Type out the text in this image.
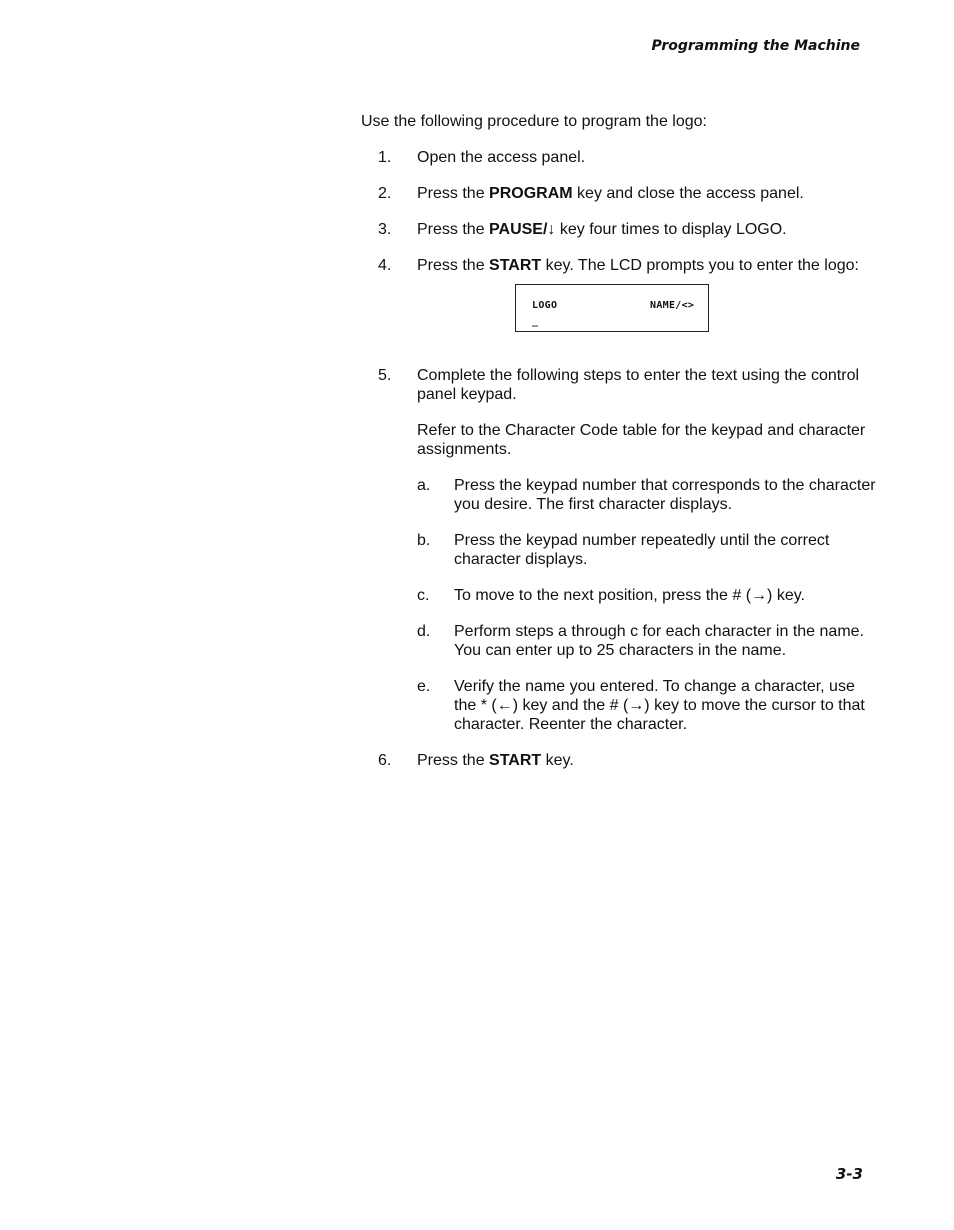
Programming the Machine

Use the following procedure to program the logo:

1. Open the access panel.

2. Press the PROGRAM key and close the access panel.

3. Press the PAUSE/↓ key four times to display LOGO.

4. Press the START key. The LCD prompts you to enter the logo:

LOGO	NAME/<>
_
5. Complete the following steps to enter the text using the control panel keypad.

Refer to the Character Code table for the keypad and character assignments.

a. Press the keypad number that corresponds to the character you desire. The first character displays.
b. Press the keypad number repeatedly until the correct character displays.
c. To move to the next position, press the # (→) key.
d. Perform steps a through c for each character in the name. You can enter up to 25 characters in the name.
e. Verify the name you entered. To change a character, use the * (←) key and the # (→) key to move the cursor to that character. Reenter the character.
6. Press the START key.

3-3
